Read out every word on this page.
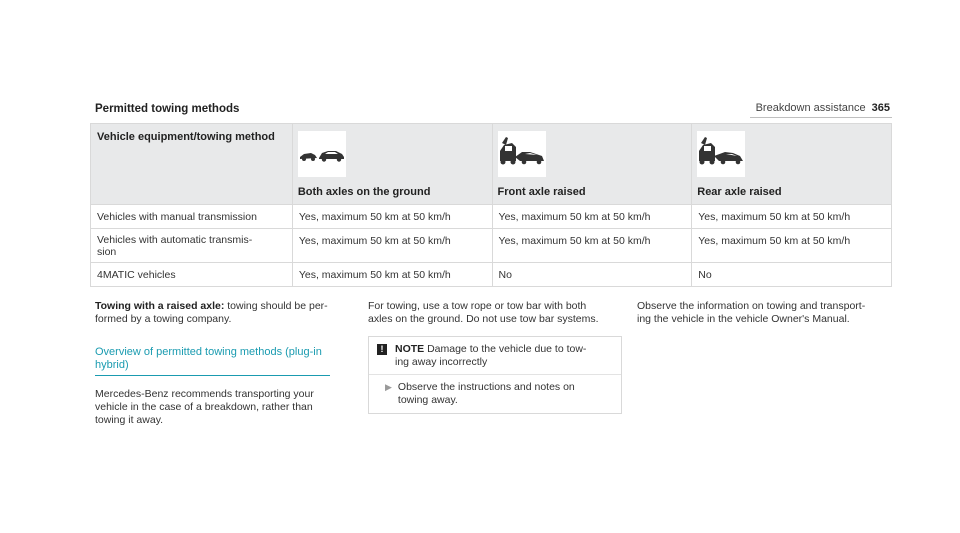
Breakdown assistance 365
Permitted towing methods
Vehicle equipment/towing method	Both axles on the ground	Front axle raised	Rear axle raised

Vehicles with manual transmission	Yes, maximum 50 km at 50 km/h	Yes, maximum 50 km at 50 km/h	Yes, maximum 50 km at 50 km/h
Vehicles with automatic transmis-
sion	Yes, maximum 50 km at 50 km/h	Yes, maximum 50 km at 50 km/h	Yes, maximum 50 km at 50 km/h
4MATIC vehicles	Yes, maximum 50 km at 50 km/h	No	No
Towing with a raised axle: towing should be per-
formed by a towing company.
Overview of permitted towing methods (plug-in
hybrid)
Mercedes-Benz recommends transporting your
vehicle in the case of a breakdown, rather than
towing it away.
For towing, use a tow rope or tow bar with both
axles on the ground. Do not use tow bar systems.
!	NOTE Damage to the vehicle due to tow-
ing away incorrectly
▶ Observe the instructions and notes on
towing away.
Observe the information on towing and transport-
ing the vehicle in the vehicle Owner's Manual.
